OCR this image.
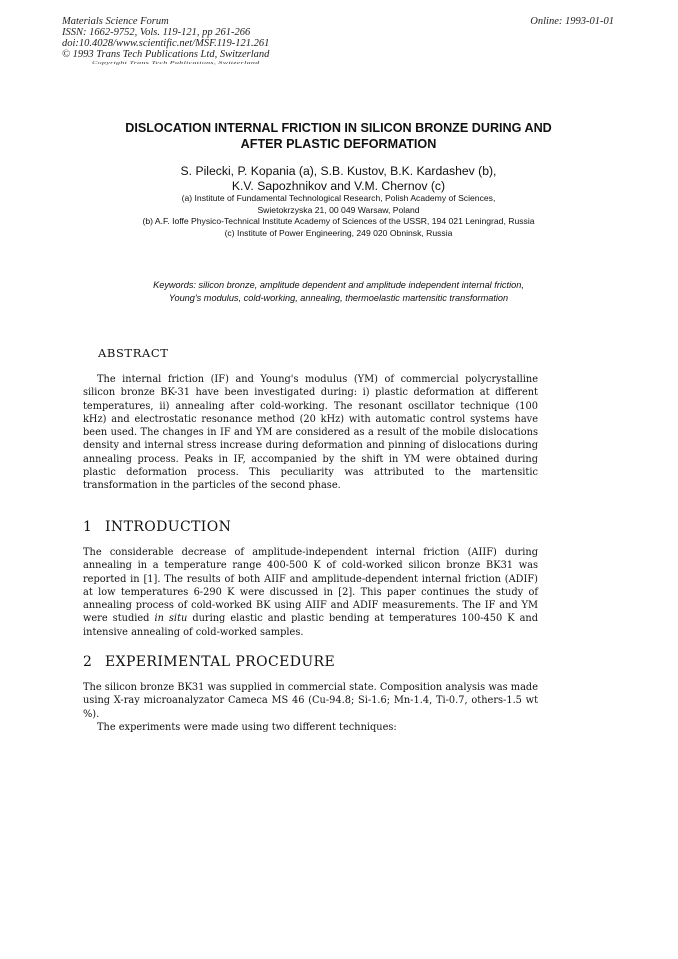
Materials Science Forum
ISSN: 1662-9752, Vols. 119-121, pp 261-266
doi:10.4028/www.scientific.net/MSF.119-121.261
© 1993 Trans Tech Publications Ltd, Switzerland
Online: 1993-01-01
Copyright Trans Tech Publications, Switzerland
DISLOCATION INTERNAL FRICTION IN SILICON BRONZE DURING AND
AFTER PLASTIC DEFORMATION
S. Pilecki, P. Kopania (a), S.B. Kustov, B.K. Kardashev (b),
K.V. Sapozhnikov and V.M. Chernov (c)
(a) Institute of Fundamental Technological Research, Polish Academy of Sciences,
Swietokrzyska 21, 00 049 Warsaw, Poland
(b) A.F. Ioffe Physico-Technical Institute Academy of Sciences of the USSR, 194 021 Leningrad, Russia
(c) Institute of Power Engineering, 249 020 Obninsk, Russia
Keywords: silicon bronze, amplitude dependent and amplitude independent internal friction,
Young's modulus, cold-working, annealing, thermoelastic martensitic transformation
ABSTRACT

The internal friction (IF) and Young's modulus (YM) of commercial polycrystalline silicon bronze BK-31 have been investigated during: i) plastic deformation at different temperatures, ii) annealing after cold-working. The resonant oscillator technique (100 kHz) and electrostatic resonance method (20 kHz) with automatic control systems have been used. The changes in IF and YM are considered as a result of the mobile dislocations density and internal stress increase during deformation and pinning of dislocations during annealing process. Peaks in IF, accompanied by the shift in YM were obtained during plastic deformation process. This peculiarity was attributed to the martensitic transformation in the particles of the second phase.

1 INTRODUCTION

The considerable decrease of amplitude-independent internal friction (AIIF) during annealing in a temperature range 400-500 K of cold-worked silicon bronze BK31 was reported in [1]. The results of both AIIF and amplitude-dependent internal friction (ADIF) at low temperatures 6-290 K were discussed in [2]. This paper continues the study of annealing process of cold-worked BK using AIIF and ADIF measurements. The IF and YM were studied in situ during elastic and plastic bending at temperatures 100-450 K and intensive annealing of cold-worked samples.

2 EXPERIMENTAL PROCEDURE

The silicon bronze BK31 was supplied in commercial state. Composition analysis was made using X-ray microanalyzator Cameca MS 46 (Cu-94.8; Si-1.6; Mn-1.4, Ti-0.7, others-1.5 wt %).

The experiments were made using two different techniques:
